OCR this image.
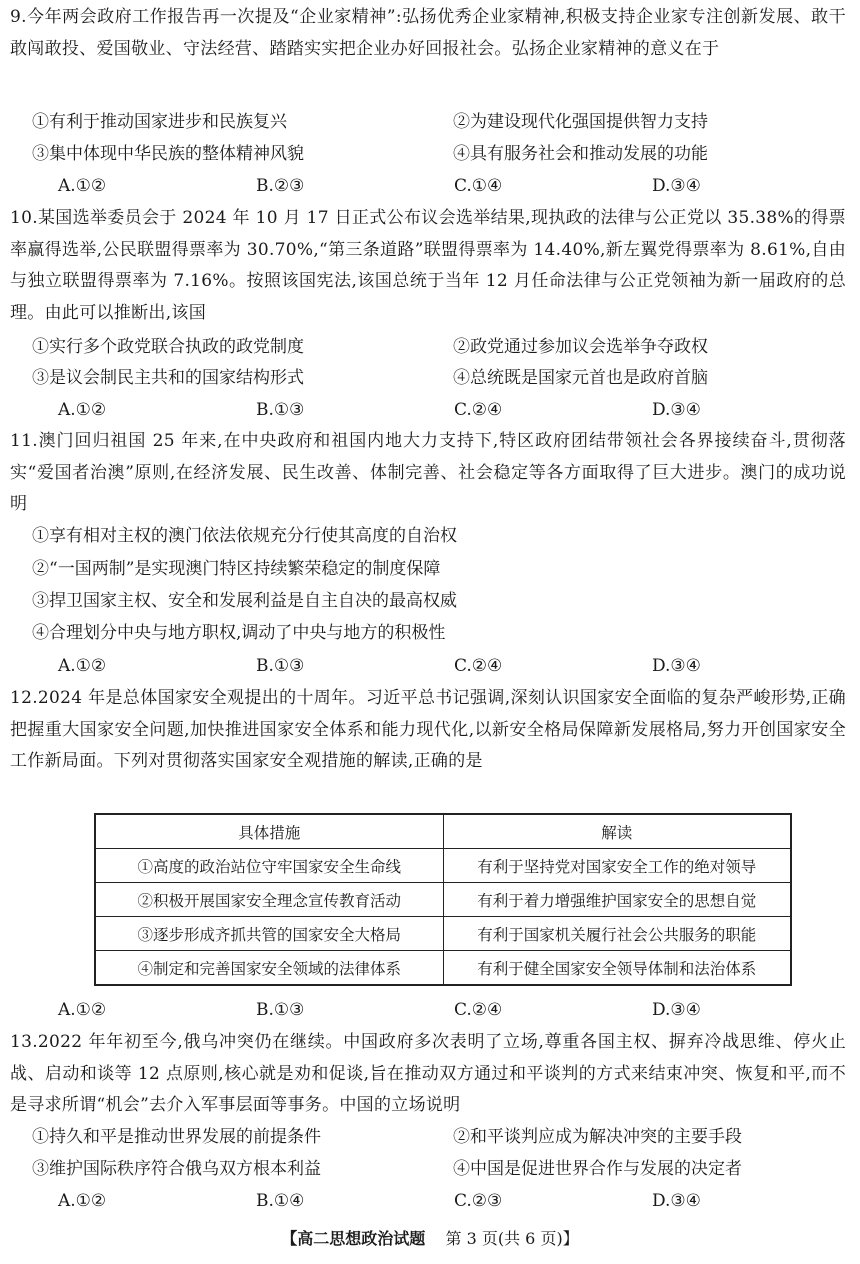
9.今年两会政府工作报告再一次提及“企业家精神”:弘扬优秀企业家精神,积极支持企业家专注创新发展、敢干敢闯敢投、爱国敬业、守法经营、踏踏实实把企业办好回报社会。弘扬企业家精神的意义在于
①有利于推动国家进步和民族复兴	②为建设现代化强国提供智力支持
③集中体现中华民族的整体精神风貌	④具有服务社会和推动发展的功能
A.①②	B.②③	C.①④	D.③④
10.某国选举委员会于 2024 年 10 月 17 日正式公布议会选举结果,现执政的法律与公正党以 35.38%的得票率赢得选举,公民联盟得票率为 30.70%,“第三条道路”联盟得票率为 14.40%,新左翼党得票率为 8.61%,自由与独立联盟得票率为 7.16%。按照该国宪法,该国总统于当年 12 月任命法律与公正党领袖为新一届政府的总理。由此可以推断出,该国
①实行多个政党联合执政的政党制度	②政党通过参加议会选举争夺政权
③是议会制民主共和的国家结构形式	④总统既是国家元首也是政府首脑
A.①②	B.①③	C.②④	D.③④
11.澳门回归祖国 25 年来,在中央政府和祖国内地大力支持下,特区政府团结带领社会各界接续奋斗,贯彻落实“爱国者治澳”原则,在经济发展、民生改善、体制完善、社会稳定等各方面取得了巨大进步。澳门的成功说明
①享有相对主权的澳门依法依规充分行使其高度的自治权
②“一国两制”是实现澳门特区持续繁荣稳定的制度保障
③捍卫国家主权、安全和发展利益是自主自决的最高权威
④合理划分中央与地方职权,调动了中央与地方的积极性
A.①②	B.①③	C.②④	D.③④
12.2024 年是总体国家安全观提出的十周年。习近平总书记强调,深刻认识国家安全面临的复杂严峻形势,正确把握重大国家安全问题,加快推进国家安全体系和能力现代化,以新安全格局保障新发展格局,努力开创国家安全工作新局面。下列对贯彻落实国家安全观措施的解读,正确的是
具体措施	解读
①高度的政治站位守牢国家安全生命线	有利于坚持党对国家安全工作的绝对领导
②积极开展国家安全理念宣传教育活动	有利于着力增强维护国家安全的思想自觉
③逐步形成齐抓共管的国家安全大格局	有利于国家机关履行社会公共服务的职能
④制定和完善国家安全领域的法律体系	有利于健全国家安全领导体制和法治体系
A.①②	B.①③	C.②④	D.③④
13.2022 年年初至今,俄乌冲突仍在继续。中国政府多次表明了立场,尊重各国主权、摒弃冷战思维、停火止战、启动和谈等 12 点原则,核心就是劝和促谈,旨在推动双方通过和平谈判的方式来结束冲突、恢复和平,而不是寻求所谓“机会”去介入军事层面等事务。中国的立场说明
①持久和平是推动世界发展的前提条件	②和平谈判应成为解决冲突的主要手段
③维护国际秩序符合俄乌双方根本利益	④中国是促进世界合作与发展的决定者
A.①②	B.①④	C.②③	D.③④
【高二思想政治试题 第 3 页(共 6 页)】
